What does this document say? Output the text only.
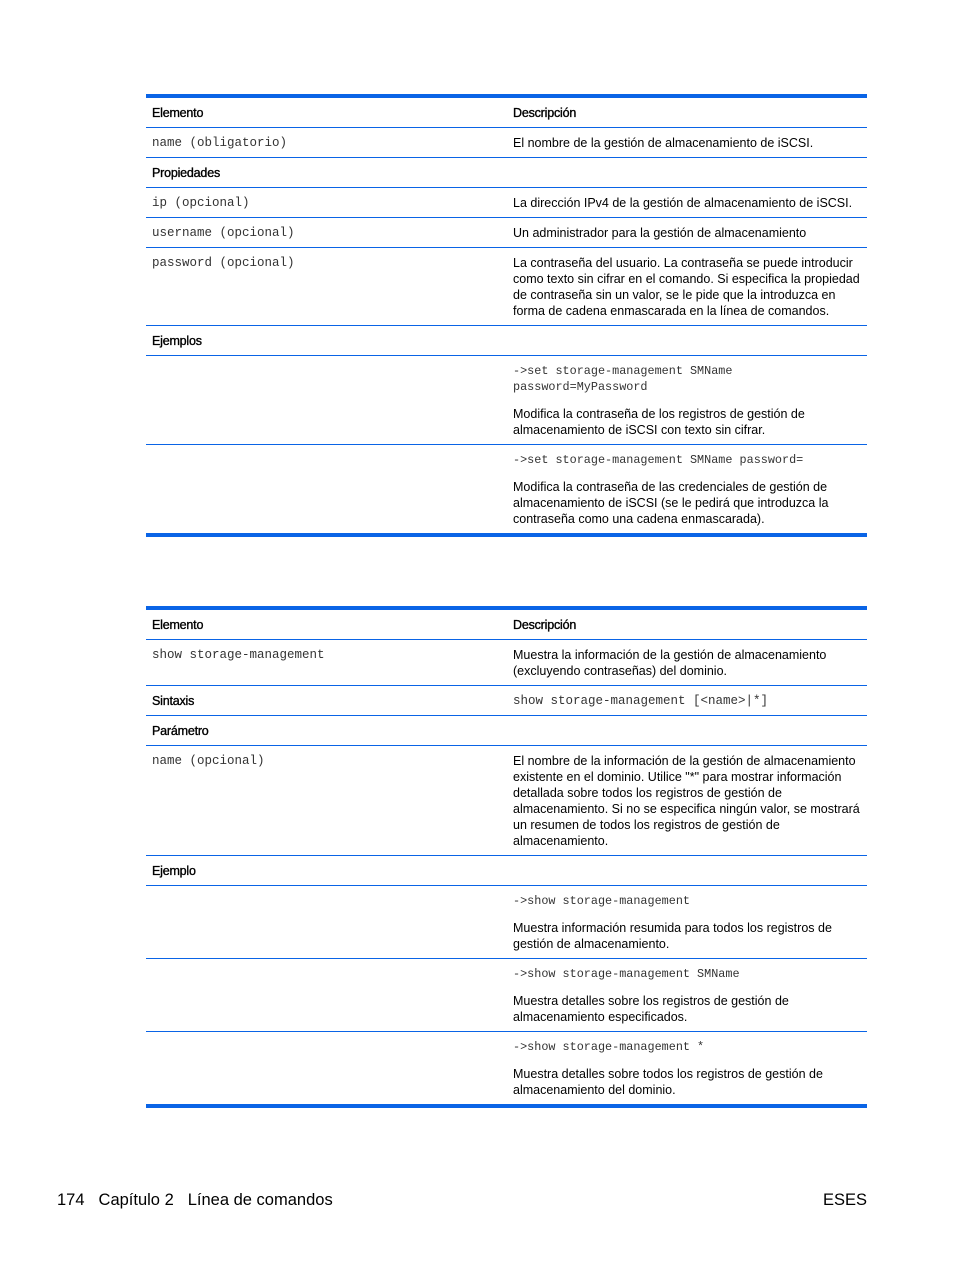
Elemento	Descripción
name (obligatorio)	El nombre de la gestión de almacenamiento de iSCSI.
Propiedades	
ip (opcional)	La dirección IPv4 de la gestión de almacenamiento de iSCSI.
username (opcional)	Un administrador para la gestión de almacenamiento
password (opcional)	La contraseña del usuario. La contraseña se puede introducir como texto sin cifrar en el comando. Si especifica la propiedad de contraseña sin un valor, se le pide que la introduzca en forma de cadena enmascarada en la línea de comandos.
Ejemplos	

	->set storage-management SMName password=MyPassword
Modifica la contraseña de los registros de gestión de almacenamiento de iSCSI con texto sin cifrar.

	->set storage-management SMName password=
Modifica la contraseña de las credenciales de gestión de almacenamiento de iSCSI (se le pedirá que introduzca la contraseña como una cadena enmascarada).
Elemento	Descripción
show storage-management	Muestra la información de la gestión de almacenamiento (excluyendo contraseñas) del dominio.
Sintaxis	show storage-management [<name>|*]
Parámetro	
name (opcional)	El nombre de la información de la gestión de almacenamiento existente en el dominio. Utilice "*" para mostrar información detallada sobre todos los registros de gestión de almacenamiento. Si no se especifica ningún valor, se mostrará un resumen de todos los registros de gestión de almacenamiento.
Ejemplo	

	->show storage-management
Muestra información resumida para todos los registros de gestión de almacenamiento.

	->show storage-management SMName
Muestra detalles sobre los registros de gestión de almacenamiento especificados.

	->show storage-management *
Muestra detalles sobre todos los registros de gestión de almacenamiento del dominio.
174 Capítulo 2 Línea de comandos	ESES
